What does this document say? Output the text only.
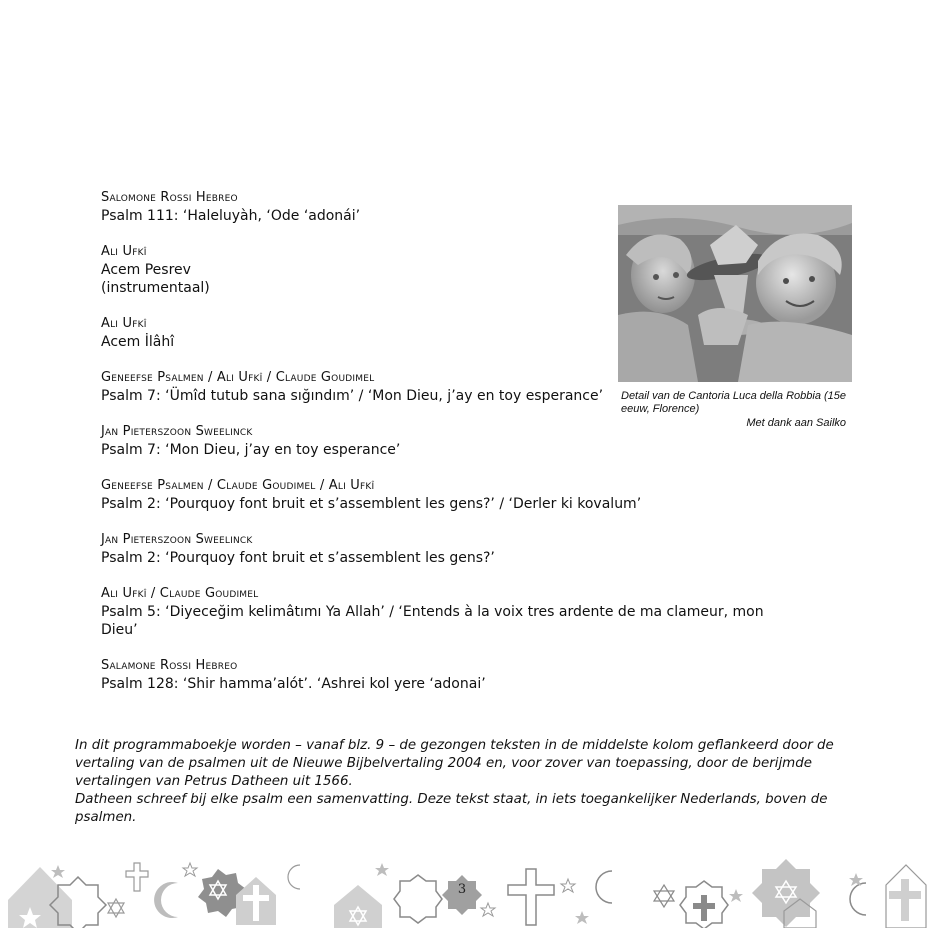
Salomone Rossi Hebreo
Psalm 111: ‘Haleluyàh, ‘Ode ‘adonái’
Ali Ufkî
Acem Pesrev
(instrumentaal)
Ali Ufkî
Acem İlâhî
Geneefse Psalmen / Ali Ufkî / Claude Goudimel
Psalm 7: ‘Ümîd tutub sana sığındım’ / ‘Mon Dieu, j’ay en toy esperance’
Jan Pieterszoon Sweelinck
Psalm 7: ‘Mon Dieu, j’ay en toy esperance’
Geneefse Psalmen / Claude Goudimel / Ali Ufkî
Psalm 2: ‘Pourquoy font bruit et s’assemblent les gens?’ / ‘Derler ki kovalum’
Jan Pieterszoon Sweelinck
Psalm 2: ‘Pourquoy font bruit et s’assemblent les gens?’
Ali Ufkî / Claude Goudimel
Psalm 5: ‘Diyeceğim kelimâtımı Ya Allah’ / ‘Entends à la voix tres ardente de ma clameur, mon Dieu’
Salamone Rossi Hebreo
Psalm 128: ‘Shir hamma’alót’. ‘Ashrei kol yere ‘adonai’
Detail van de Cantoria Luca della Robbia (15e eeuw, Florence)
Met dank aan Sailko

In dit programmaboekje worden – vanaf blz. 9 – de gezongen teksten in de middelste kolom geflankeerd door de vertaling van de psalmen uit de Nieuwe Bijbelvertaling 2004 en, voor zover van toepassing, door de berijmde vertalingen van Petrus Datheen uit 1566.

Datheen schreef bij elke psalm een samenvatting. Deze tekst staat, in iets toegankelijker Nederlands, boven de psalmen.

3
